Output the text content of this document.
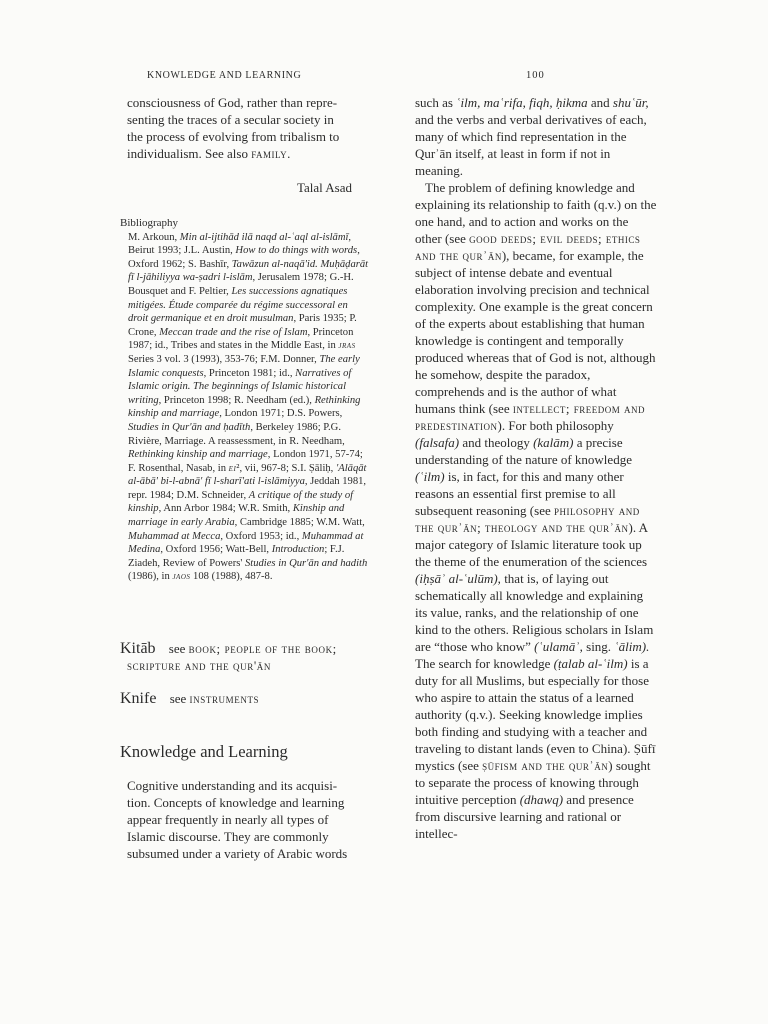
KNOWLEDGE AND LEARNING	100

consciousness of God, rather than repre-
senting the traces of a secular society in
the process of evolving from tribalism to
individualism. See also family.

Talal Asad
Bibliography
M. Arkoun, Min al-ijtihād ilā naqd al-ʿaql al-islāmī, Beirut 1993; J.L. Austin, How to do things with words, Oxford 1962; S. Bashīr, Tawāzun al-naqā'id. Muḥāḍarāt fī l-jāhiliyya wa-ṣadri l-islām, Jerusalem 1978; G.-H. Bousquet and F. Peltier, Les successions agnatiques mitigées. Étude comparée du régime successoral en droit germanique et en droit musulman, Paris 1935; P. Crone, Meccan trade and the rise of Islam, Princeton 1987; id., Tribes and states in the Middle East, in jras Series 3 vol. 3 (1993), 353-76; F.M. Donner, The early Islamic conquests, Princeton 1981; id., Narratives of Islamic origin. The beginnings of Islamic historical writing, Princeton 1998; R. Needham (ed.), Rethinking kinship and marriage, London 1971; D.S. Powers, Studies in Qur'ān and ḥadīth, Berkeley 1986; P.G. Rivière, Marriage. A reassessment, in R. Needham, Rethinking kinship and marriage, London 1971, 57-74; F. Rosenthal, Nasab, in ei², vii, 967-8; S.I. Ṣāliḥ, 'Alāqāt al-ābā' bi-l-abnā' fī l-sharī'ati l-islāmiyya, Jeddah 1981, repr. 1984; D.M. Schneider, A critique of the study of kinship, Ann Arbor 1984; W.R. Smith, Kinship and marriage in early Arabia, Cambridge 1885; W.M. Watt, Muhammad at Mecca, Oxford 1953; id., Muhammad at Medina, Oxford 1956; Watt-Bell, Introduction; F.J. Ziadeh, Review of Powers' Studies in Qur'ān and hadith (1986), in jaos 108 (1988), 487-8.
Kitāb see book; people of the book;
scripture and the qur'ān
Knife see instruments
Knowledge and Learning

Cognitive understanding and its acquisi-
tion. Concepts of knowledge and learning
appear frequently in nearly all types of
Islamic discourse. They are commonly
subsumed under a variety of Arabic words

such as ʿilm, maʿrifa, fiqh, ḥikma and shuʿūr, and the verbs and verbal derivatives of each, many of which find representation in the Qurʾān itself, at least in form if not in meaning.

The problem of defining knowledge and explaining its relationship to faith (q.v.) on the one hand, and to action and works on the other (see good deeds; evil deeds; ethics and the qurʾān), became, for example, the subject of intense debate and eventual elaboration involving precision and technical complexity. One example is the great concern of the experts about establishing that human knowledge is contingent and temporally produced whereas that of God is not, although he somehow, despite the paradox, comprehends and is the author of what humans think (see intellect; freedom and predestination). For both philosophy (falsafa) and theology (kalām) a precise understanding of the nature of knowledge (ʿilm) is, in fact, for this and many other reasons an essential first premise to all subsequent reasoning (see philosophy and the qurʾān; theology and the qurʾān). A major category of Islamic literature took up the theme of the enumeration of the sciences (iḥṣāʾ al-ʿulūm), that is, of laying out schematically all knowledge and explaining its value, ranks, and the relationship of one kind to the others. Religious scholars in Islam are “those who know” (ʿulamāʾ, sing. ʿālim). The search for knowledge (ṭalab al-ʿilm) is a duty for all Muslims, but especially for those who aspire to attain the status of a learned authority (q.v.). Seeking knowledge implies both finding and studying with a teacher and traveling to distant lands (even to China). Ṣūfī mystics (see ṣūfism and the qurʾān) sought to separate the process of knowing through intuitive perception (dhawq) and presence from discursive learning and rational or intellec-
